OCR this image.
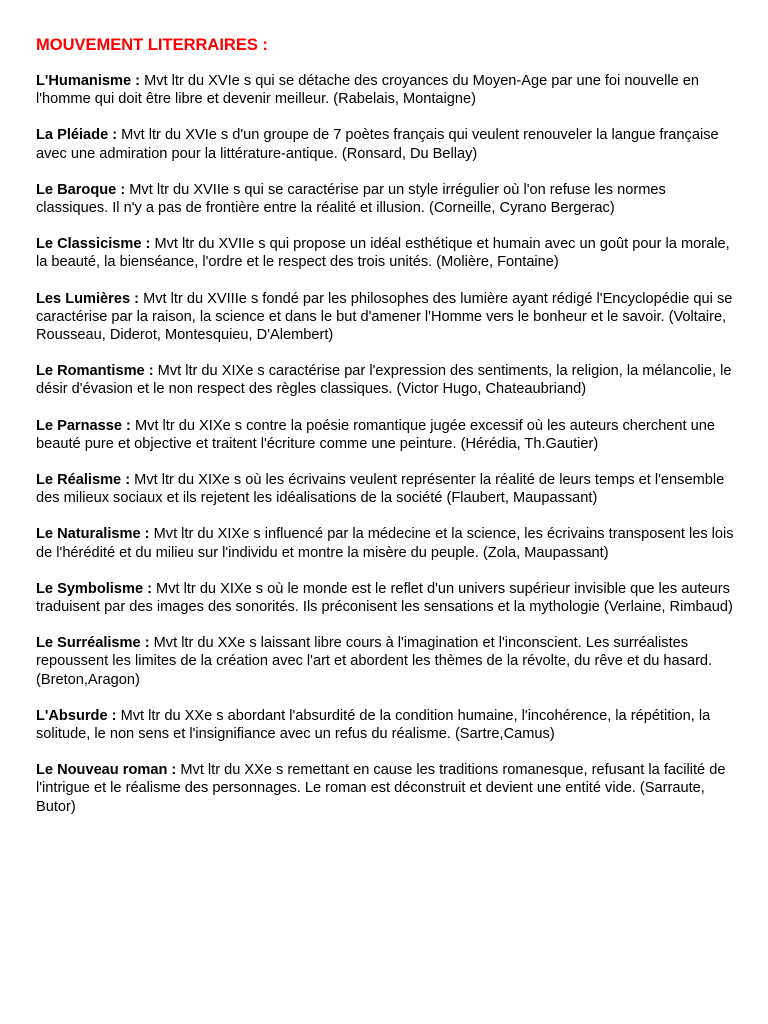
MOUVEMENT LITERRAIRES :

L'Humanisme : Mvt ltr du XVIe s qui se détache des croyances du Moyen-Age par une foi nouvelle en l'homme qui doit être libre et devenir meilleur. (Rabelais, Montaigne)

La Pléiade : Mvt ltr du XVIe s d'un groupe de 7 poètes français qui veulent renouveler la langue française avec une admiration pour la littérature-antique. (Ronsard, Du Bellay)

Le Baroque : Mvt ltr du XVIIe s qui se caractérise par un style irrégulier où l'on refuse les normes classiques. Il n'y a pas de frontière entre la réalité et illusion. (Corneille, Cyrano Bergerac)

Le Classicisme : Mvt ltr du XVIIe s qui propose un idéal esthétique et humain avec un goût pour la morale, la beauté, la bienséance, l'ordre et le respect des trois unités. (Molière, Fontaine)

Les Lumières : Mvt ltr du XVIIIe s fondé par les philosophes des lumière ayant rédigé l'Encyclopédie qui se caractérise par la raison, la science et dans le but d'amener l'Homme vers le bonheur et le savoir. (Voltaire, Rousseau, Diderot, Montesquieu, D'Alembert)

Le Romantisme : Mvt ltr du XIXe s caractérise par l'expression des sentiments, la religion, la mélancolie, le désir d'évasion et le non respect des règles classiques. (Victor Hugo, Chateaubriand)

Le Parnasse : Mvt ltr du XIXe s contre la poésie romantique jugée excessif où les auteurs cherchent une beauté pure et objective et traitent l'écriture comme une peinture. (Hérédia, Th.Gautier)

Le Réalisme : Mvt ltr du XIXe s où les écrivains veulent représenter la réalité de leurs temps et l'ensemble des milieux sociaux et ils rejetent les idéalisations de la société (Flaubert, Maupassant)

Le Naturalisme : Mvt ltr du XIXe s influencé par la médecine et la science, les écrivains transposent les lois de l'hérédité et du milieu sur l'individu et montre la misère du peuple. (Zola, Maupassant)

Le Symbolisme : Mvt ltr du XIXe s où le monde est le reflet d'un univers supérieur invisible que les auteurs traduisent par des images des sonorités. Ils préconisent les sensations et la mythologie (Verlaine, Rimbaud)

Le Surréalisme : Mvt ltr du XXe s laissant libre cours à l'imagination et l'inconscient. Les surréalistes repoussent les limites de la création avec l'art et abordent les thèmes de la révolte, du rêve et du hasard. (Breton,Aragon)

L'Absurde : Mvt ltr du XXe s abordant l'absurdité de la condition humaine, l'incohérence, la répétition, la solitude, le non sens et l'insignifiance avec un refus du réalisme. (Sartre,Camus)

Le Nouveau roman : Mvt ltr du XXe s remettant en cause les traditions romanesque, refusant la facilité de l'intrigue et le réalisme des personnages. Le roman est déconstruit et devient une entité vide. (Sarraute, Butor)
